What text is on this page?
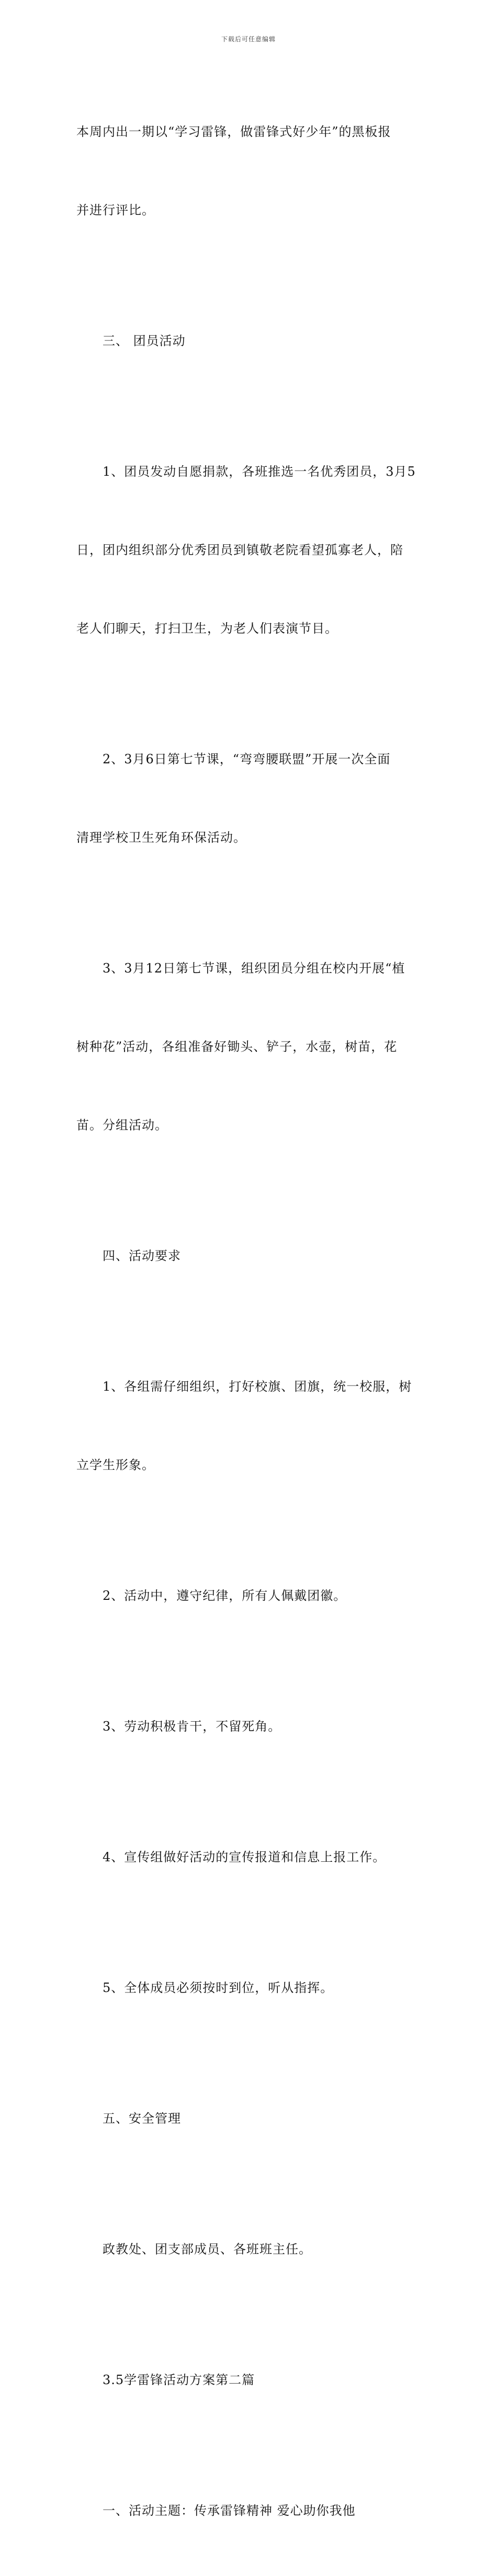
下载后可任意编辑

本周内出一期以“学习雷锋，做雷锋式好少年”的黑板报

并进行评比。

三、 团员活动

1、团员发动自愿捐款，各班推选一名优秀团员，3月5

日，团内组织部分优秀团员到镇敬老院看望孤寡老人，陪

老人们聊天，打扫卫生，为老人们表演节目。

2、3月6日第七节课，“弯弯腰联盟”开展一次全面

清理学校卫生死角环保活动。

3、3月12日第七节课，组织团员分组在校内开展“植

树种花”活动，各组准备好锄头、铲子，水壶，树苗，花

苗。分组活动。

四、活动要求

1、各组需仔细组织，打好校旗、团旗，统一校服，树

立学生形象。

2、活动中，遵守纪律，所有人佩戴团徽。

3、劳动积极肯干，不留死角。

4、宣传组做好活动的宣传报道和信息上报工作。

5、全体成员必须按时到位，听从指挥。

五、安全管理

政教处、团支部成员、各班班主任。

3.5学雷锋活动方案第二篇

一、活动主题：传承雷锋精神 爱心助你我他
